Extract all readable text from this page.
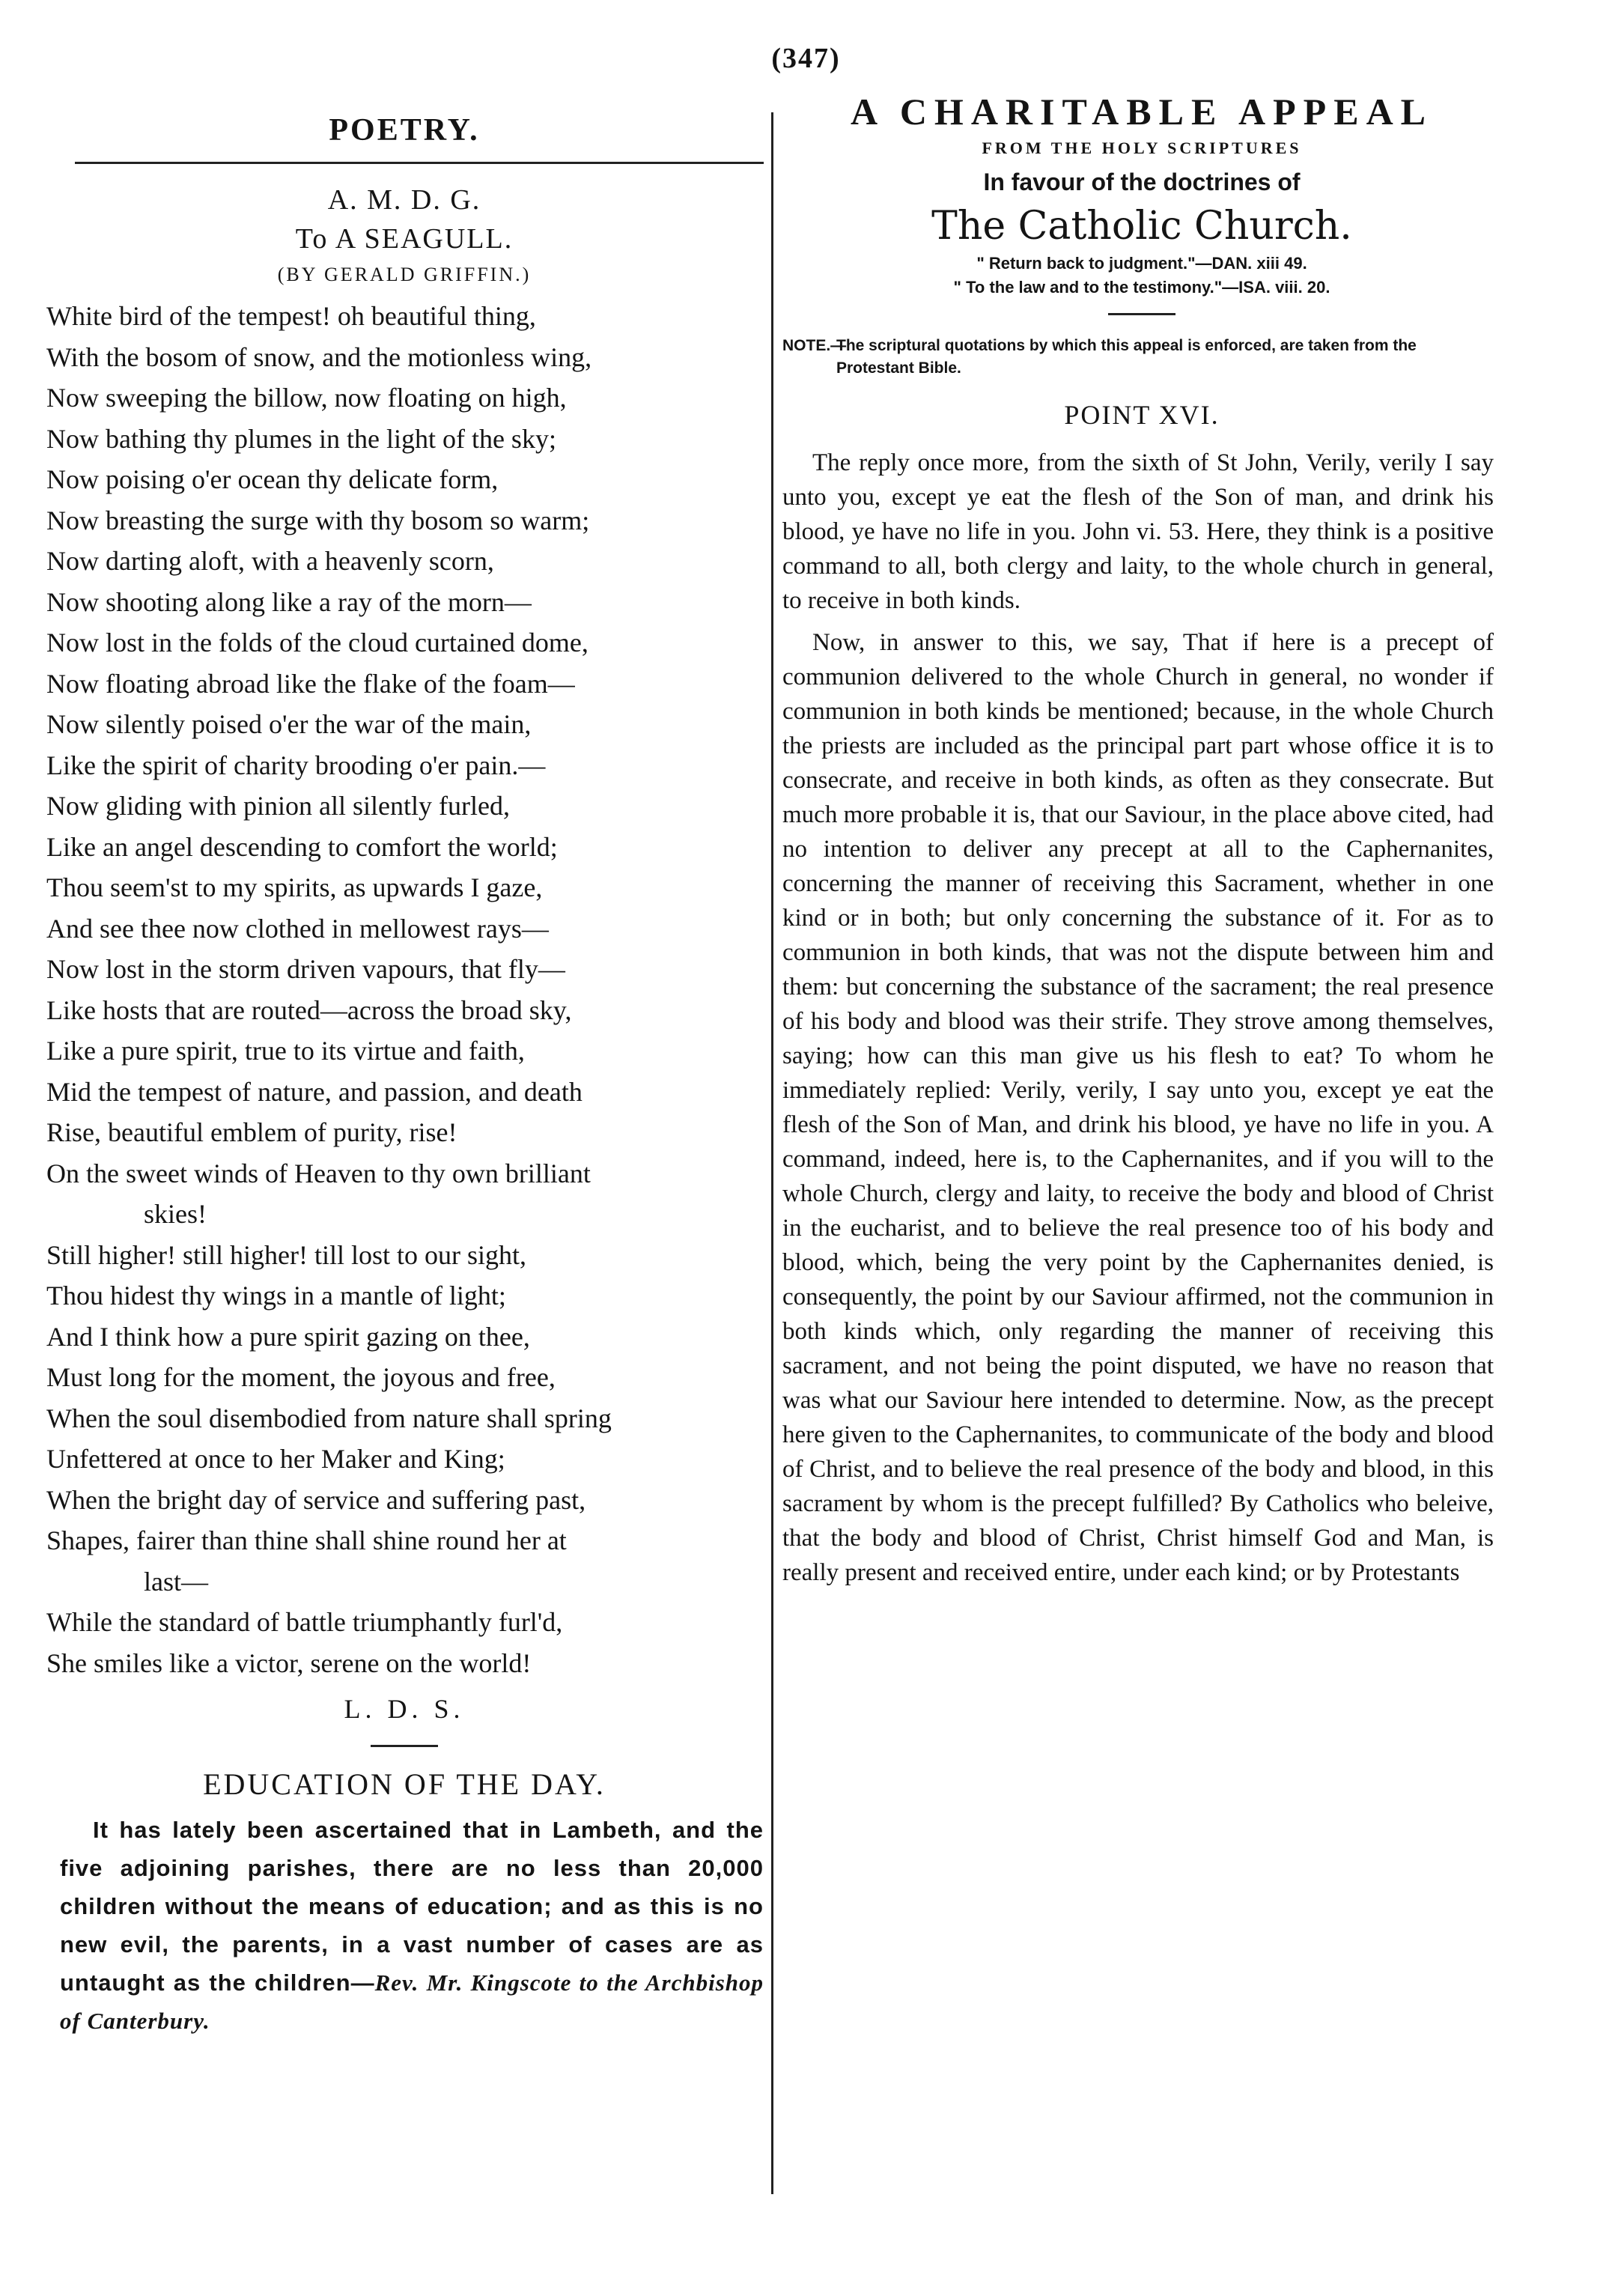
(347)
POETRY.
A. M. D. G.
To A SEAGULL.
(BY GERALD GRIFFIN.)
White bird of the tempest! oh beautiful thing,
With the bosom of snow, and the motionless wing,
Now sweeping the billow, now floating on high,
Now bathing thy plumes in the light of the sky;
Now poising o'er ocean thy delicate form,
Now breasting the surge with thy bosom so warm;
Now darting aloft, with a heavenly scorn,
Now shooting along like a ray of the morn—
Now lost in the folds of the cloud curtained dome,
Now floating abroad like the flake of the foam—
Now silently poised o'er the war of the main,
Like the spirit of charity brooding o'er pain.—
Now gliding with pinion all silently furled,
Like an angel descending to comfort the world;
Thou seem'st to my spirits, as upwards I gaze,
And see thee now clothed in mellowest rays—
Now lost in the storm driven vapours, that fly—
Like hosts that are routed—across the broad sky,
Like a pure spirit, true to its virtue and faith,
Mid the tempest of nature, and passion, and death
Rise, beautiful emblem of purity, rise!
On the sweet winds of Heaven to thy own brilliant
skies!
Still higher! still higher! till lost to our sight,
Thou hidest thy wings in a mantle of light;
And I think how a pure spirit gazing on thee,
Must long for the moment, the joyous and free,
When the soul disembodied from nature shall spring
Unfettered at once to her Maker and King;
When the bright day of service and suffering past,
Shapes, fairer than thine shall shine round her at
last—
While the standard of battle triumphantly furl'd,
She smiles like a victor, serene on the world!
L. D. S.
EDUCATION OF THE DAY.

It has lately been ascertained that in Lambeth, and the five adjoining parishes, there are no less than 20,000 children without the means of education; and as this is no new evil, the parents, in a vast number of cases are as untaught as the children—Rev. Mr. Kingscote to the Archbishop of Canterbury.

A CHARITABLE APPEAL
FROM THE HOLY SCRIPTURES
In favour of the doctrines of
The Catholic Church.
" Return back to judgment."—DAN. xiii 49.
" To the law and to the testimony."—ISA. viii. 20.
NOTE.—
The scriptural quotations by which this appeal is enforced, are taken from the Protestant Bible.
POINT XVI.

The reply once more, from the sixth of St John, Verily, verily I say unto you, except ye eat the flesh of the Son of man, and drink his blood, ye have no life in you. John vi. 53. Here, they think is a positive command to all, both clergy and laity, to the whole church in general, to receive in both kinds.

Now, in answer to this, we say, That if here is a precept of communion delivered to the whole Church in general, no wonder if communion in both kinds be mentioned; because, in the whole Church the priests are included as the principal part part whose office it is to consecrate, and receive in both kinds, as often as they consecrate. But much more probable it is, that our Saviour, in the place above cited, had no intention to deliver any precept at all to the Caphernanites, concerning the manner of receiving this Sacrament, whether in one kind or in both; but only concerning the substance of it. For as to communion in both kinds, that was not the dispute between him and them: but concerning the substance of the sacrament; the real presence of his body and blood was their strife. They strove among themselves, saying; how can this man give us his flesh to eat? To whom he immediately replied: Verily, verily, I say unto you, except ye eat the flesh of the Son of Man, and drink his blood, ye have no life in you. A command, indeed, here is, to the Caphernanites, and if you will to the whole Church, clergy and laity, to receive the body and blood of Christ in the eucharist, and to believe the real presence too of his body and blood, which, being the very point by the Caphernanites denied, is consequently, the point by our Saviour affirmed, not the communion in both kinds which, only regarding the manner of receiving this sacrament, and not being the point disputed, we have no reason that was what our Saviour here intended to determine. Now, as the precept here given to the Caphernanites, to communicate of the body and blood of Christ, and to believe the real presence of the body and blood, in this sacrament by whom is the precept fulfilled? By Catholics who beleive, that the body and blood of Christ, Christ himself God and Man, is really present and received entire, under each kind; or by Protestants
